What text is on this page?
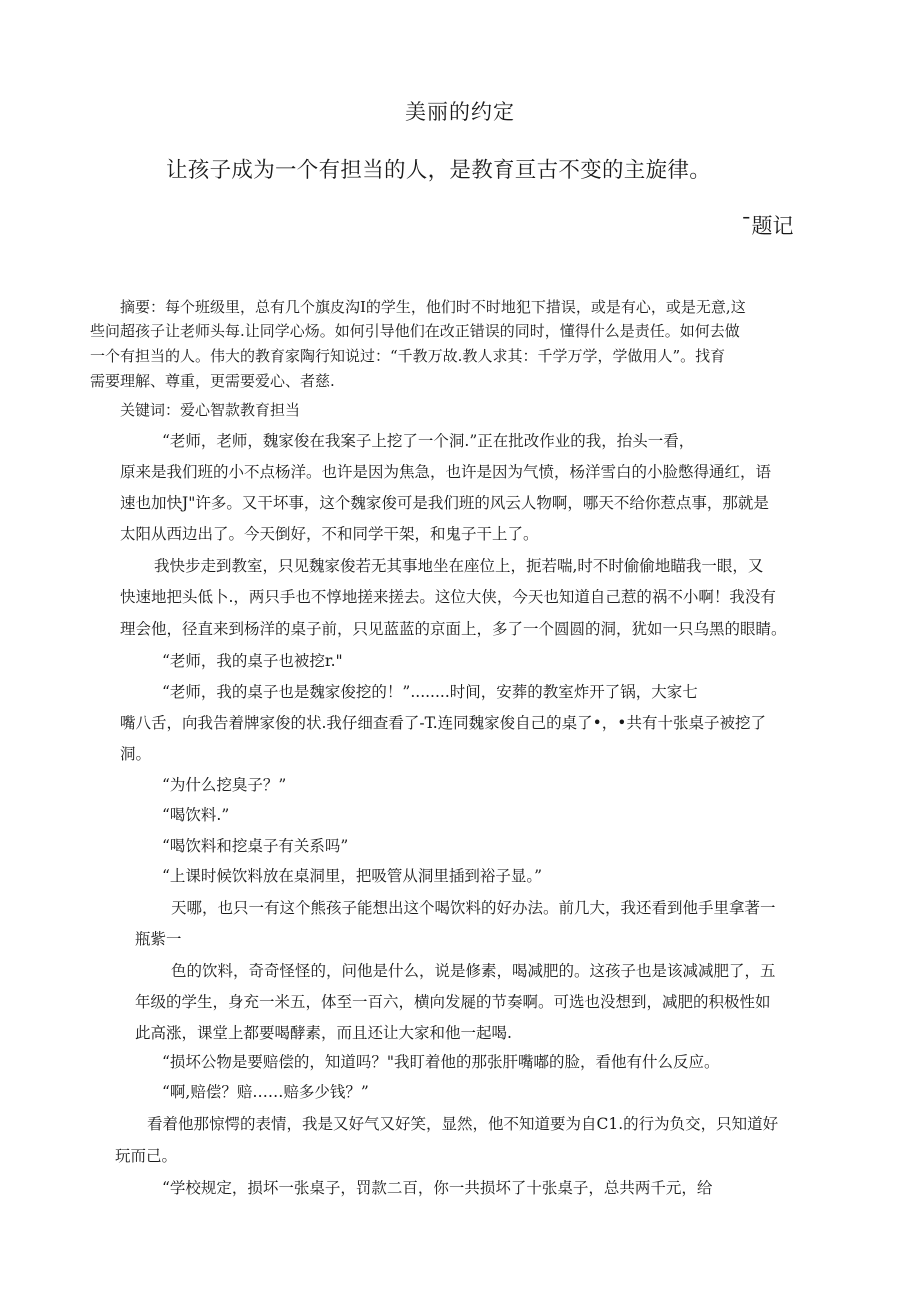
美丽的约定
让孩子成为一个有担当的人，是教育亘古不变的主旋律。
¯题记
摘要：每个班级里，总有几个旗皮沟I的学生，他们时不时地犯下措误，或是有心，或是无意,这
些问超孩子让老师头每.让同学心炀。如何引导他们在改正错误的同时，懂得什么是责任。如何去做
一个有担当的人。伟大的教育家陶行知说过：“千教万故.教人求其：千学万学，学做用人”。找育
需要理解、尊重，更需要爱心、者慈.
关键词：爱心智款教育担当
“老师，老师，魏家俊在我案子上挖了一个洞.”正在批改作业的我，抬头一看，
原来是我们班的小不点杨洋。也许是因为焦急，也许是因为气愤，杨洋雪白的小脸憋得通红，语
速也加快J"许多。又干坏事，这个魏家俊可是我们班的风云人物啊，哪天不给你惹点事，那就是
太阳从西边出了。今天倒好，不和同学干架，和鬼子干上了。
我快步走到教室，只见魏家俊若无其事地坐在座位上，扼若喘,时不时偷偷地瞄我一眼，又
快速地把头低卜.，两只手也不惇地搓来搓去。这位大侠，今天也知道自己惹的祸不小啊！我没有
理会他，径直来到杨洋的桌子前，只见蓝蓝的京面上，多了一个圆圆的洞，犹如一只乌黑的眼睛。
“老师，我的桌子也被挖r."
“老师，我的桌子也是魏家俊挖的！”........时间，安葬的教室炸开了锅，大家七
嘴八舌，向我告着牌家俊的状.我仔细查看了-T.连同魏家俊自己的桌了•，•共有十张桌子被挖了
洞。
“为什么挖臭子？”
“喝饮料.”
“喝饮料和挖桌子有关系吗”
“上课时候饮料放在桌洞里，把吸管从洞里插到裕子显。”
天哪，也只一有这个熊孩子能想出这个喝饮料的好办法。前几大，我还看到他手里拿著一
瓶紫一
色的饮料，奇奇怪怪的，问他是什么，说是修素，喝减肥的。这孩子也是该减减肥了，五
年级的学生，身充一米五，体至一百六，横向发屣的节奏啊。可选也没想到，减肥的积极性如
此高涨，课堂上都要喝酵素，而且还让大家和他一起喝.
“损坏公物是要赔偿的，知道吗？"我盯着他的那张肝嘴嘟的脸，看他有什么反应。
“啊,赔偿？赔……赔多少钱？”
看着他那惊愕的表情，我是又好气又好笑，显然，他不知道要为自C1.的行为负交，只知道好
玩而己。
“学校规定，损坏一张桌子，罚款二百，你一共损坏了十张桌子，总共两千元，给
